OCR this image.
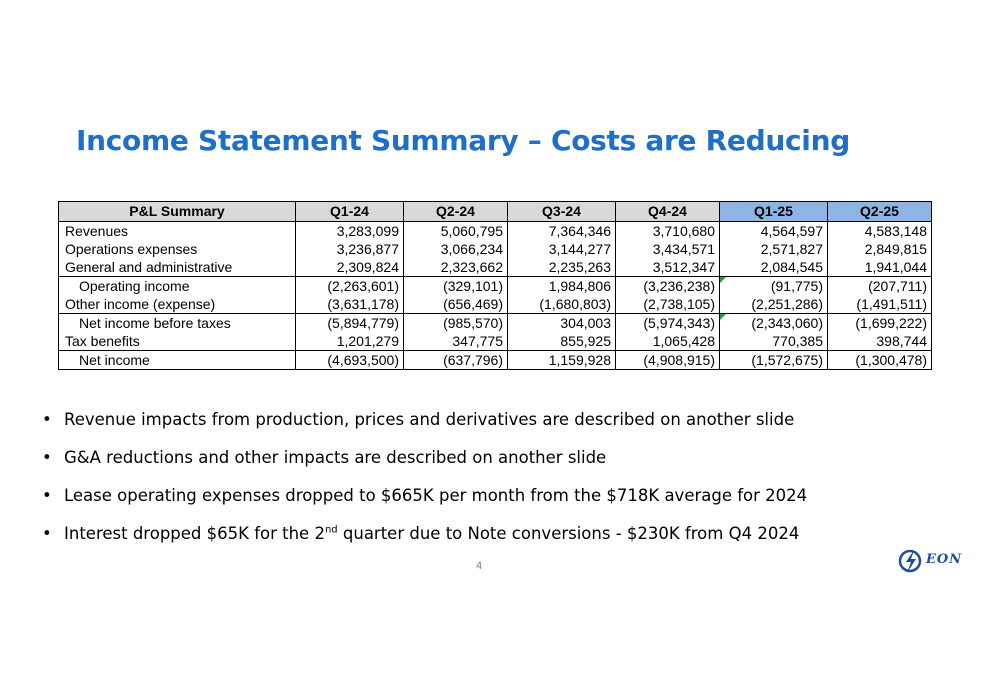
Income Statement Summary – Costs are Reducing
P&L Summary	Q1-24	Q2-24	Q3-24	Q4-24	Q1-25	Q2-25
Revenues	3,283,099	5,060,795	7,364,346	3,710,680	4,564,597	4,583,148
Operations expenses	3,236,877	3,066,234	3,144,277	3,434,571	2,571,827	2,849,815
General and administrative	2,309,824	2,323,662	2,235,263	3,512,347	2,084,545	1,941,044
Operating income	(2,263,601)	(329,101)	1,984,806	(3,236,238)	(91,775)	(207,711)
Other income (expense)	(3,631,178)	(656,469)	(1,680,803)	(2,738,105)	(2,251,286)	(1,491,511)
Net income before taxes	(5,894,779)	(985,570)	304,003	(5,974,343)	(2,343,060)	(1,699,222)
Tax benefits	1,201,279	347,775	855,925	1,065,428	770,385	398,744
Net income	(4,693,500)	(637,796)	1,159,928	(4,908,915)	(1,572,675)	(1,300,478)
• Revenue impacts from production, prices and derivatives are described on another slide
• G&A reductions and other impacts are described on another slide
• Lease operating expenses dropped to $665K per month from the $718K average for 2024
• Interest dropped $65K for the 2nd quarter due to Note conversions - $230K from Q4 2024
4	EON
